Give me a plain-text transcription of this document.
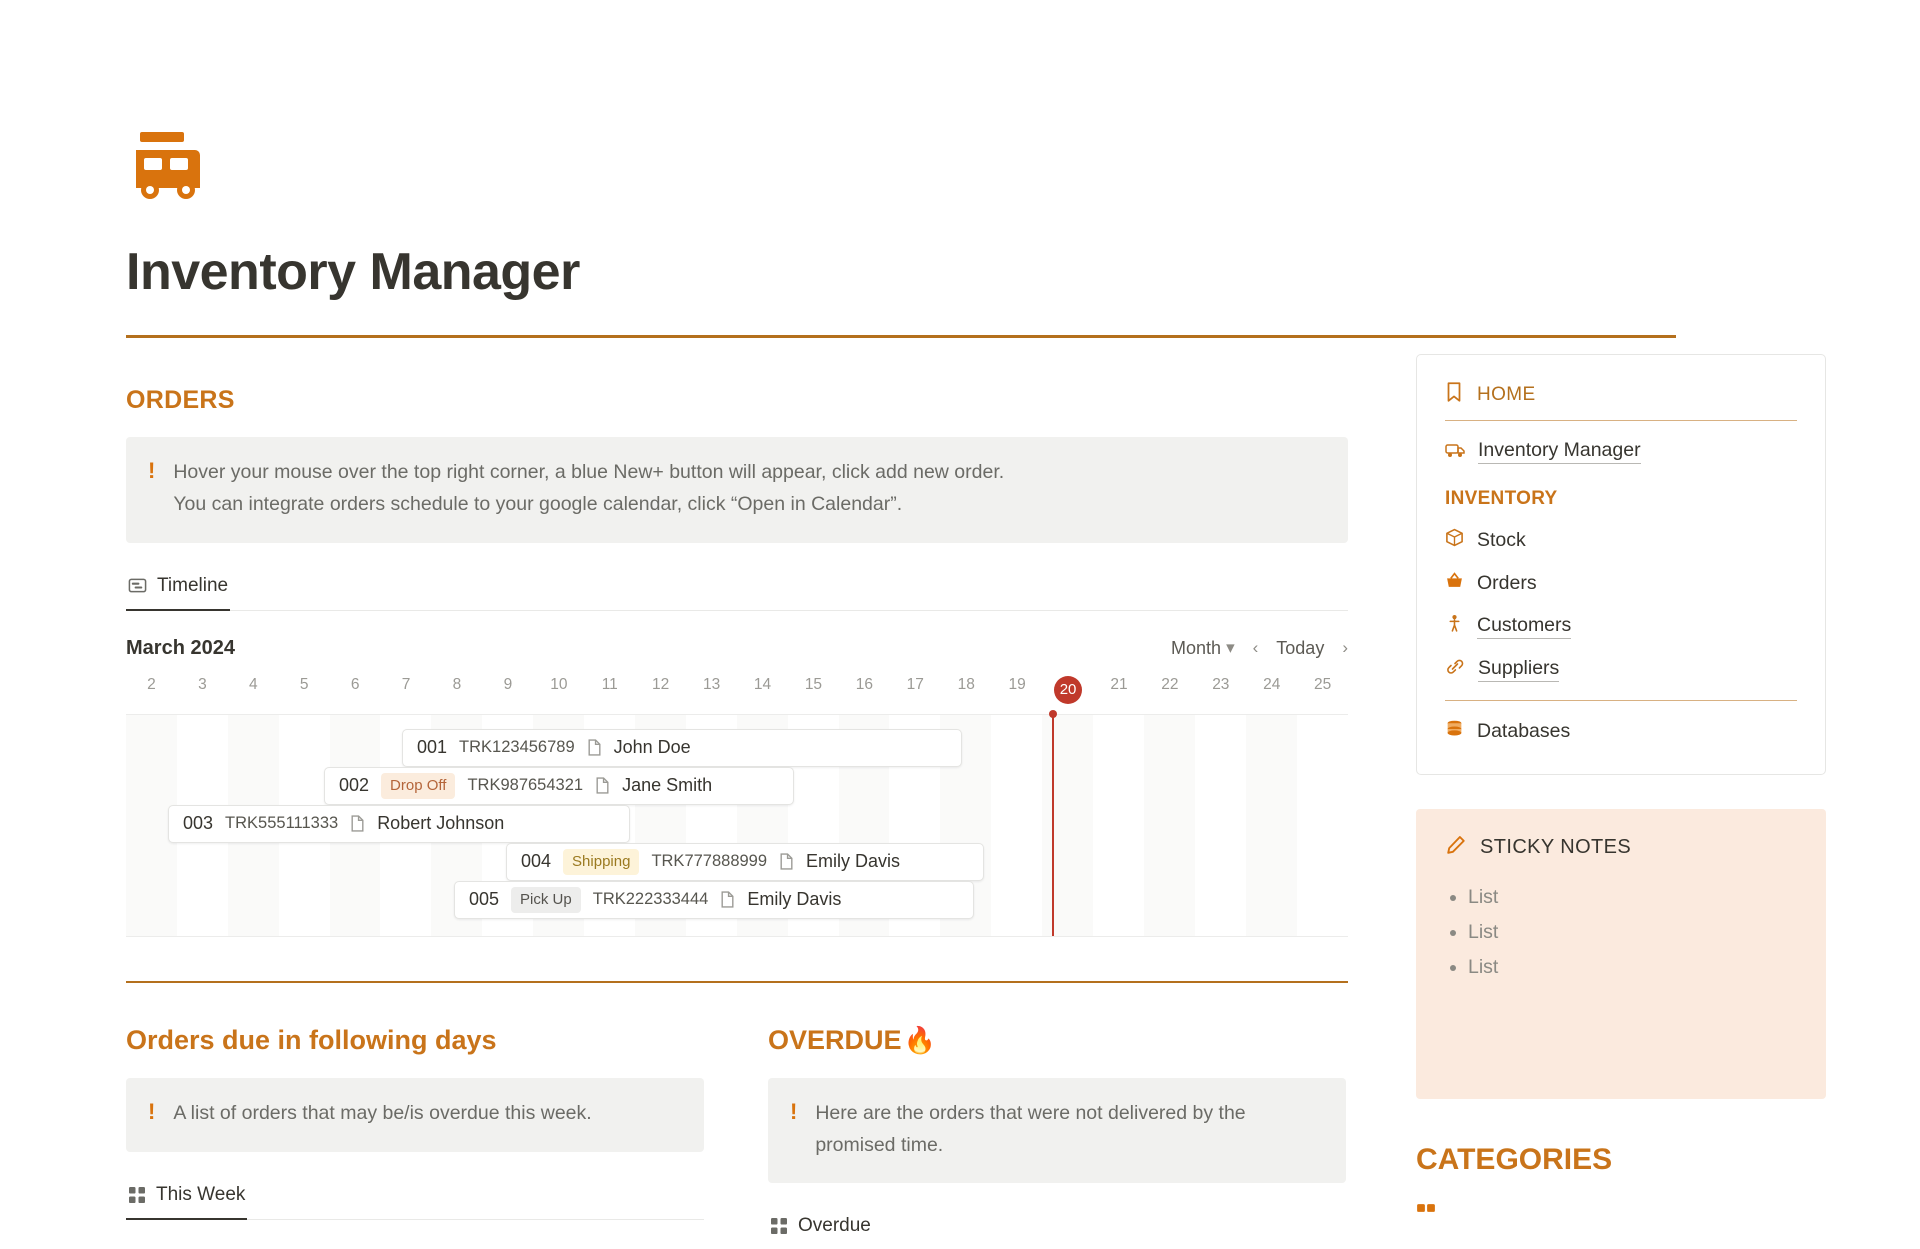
Inventory Manager
ORDERS
! Hover your mouse over the top right corner, a blue New+ button will appear, click add new order.
You can integrate orders schedule to your google calendar, click “Open in Calendar”.
Timeline
March 2024	Month ▾ ‹ Today ›
2	3	4	5	6	7	8	9	10	11	12	13	14	15	16	17	18	19	20	21	22	23	24	25
001 TRK123456789 John Doe
002	Drop Off	TRK987654321 Jane Smith
003 TRK555111333 Robert Johnson
004	Shipping	TRK777888999 Emily Davis
005	Pick Up	TRK222333444 Emily Davis
Orders due in following days
! A list of orders that may be/is overdue this week.
This Week
OVERDUE 🔥
! Here are the orders that were not delivered by the
promised time.
Overdue
HOME
Inventory Manager
INVENTORY
Stock
Orders
Customers
Suppliers
Databases
STICKY NOTES
• List
• List
• List
CATEGORIES
